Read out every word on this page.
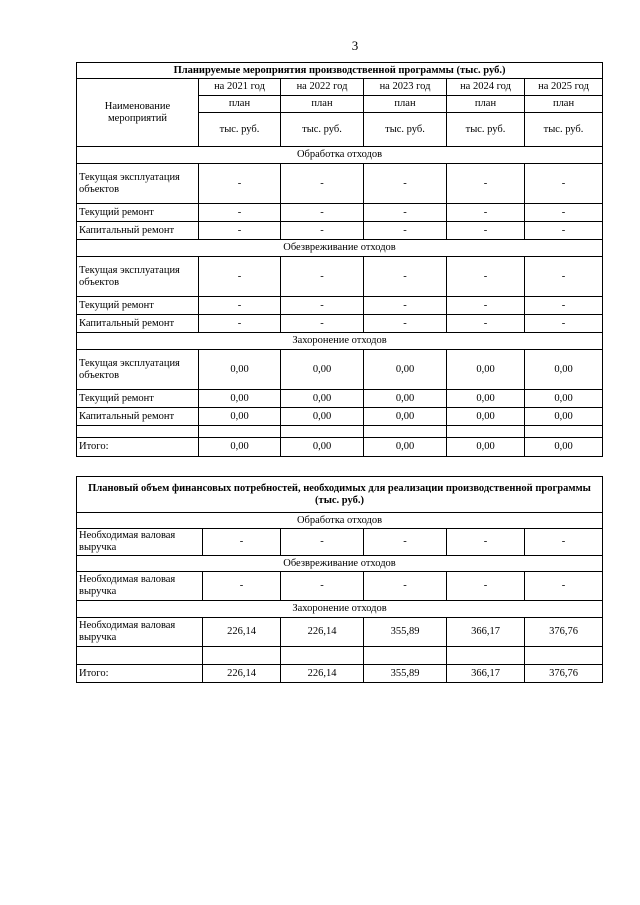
3
Планируемые мероприятия производственной программы (тыс. руб.)					
Наименование мероприятий	на 2021 год	на 2022 год	на 2023 год	на 2024 год	на 2025 год
	план	план	план	план	план
	тыс. руб.	тыс. руб.	тыс. руб.	тыс. руб.	тыс. руб.
Обработка отходов					
Текущая эксплуатация объектов	-	-	-	-	-
Текущий ремонт	-	-	-	-	-
Капитальный ремонт	-	-	-	-	-
Обезвреживание отходов					
Текущая эксплуатация объектов	-	-	-	-	-
Текущий ремонт	-	-	-	-	-
Капитальный ремонт	-	-	-	-	-
Захоронение отходов					
Текущая эксплуатация объектов	0,00	0,00	0,00	0,00	0,00
Текущий ремонт	0,00	0,00	0,00	0,00	0,00
Капитальный ремонт	0,00	0,00	0,00	0,00	0,00

Итого:	0,00	0,00	0,00	0,00	0,00
Плановый объем финансовых потребностей, необходимых для реализации производственной программы (тыс. руб.)					
Обработка отходов					
Необходимая валовая выручка	-	-	-	-	-
Обезвреживание отходов					
Необходимая валовая выручка	-	-	-	-	-
Захоронение отходов					
Необходимая валовая выручка	226,14	226,14	355,89	366,17	376,76

Итого:	226,14	226,14	355,89	366,17	376,76
